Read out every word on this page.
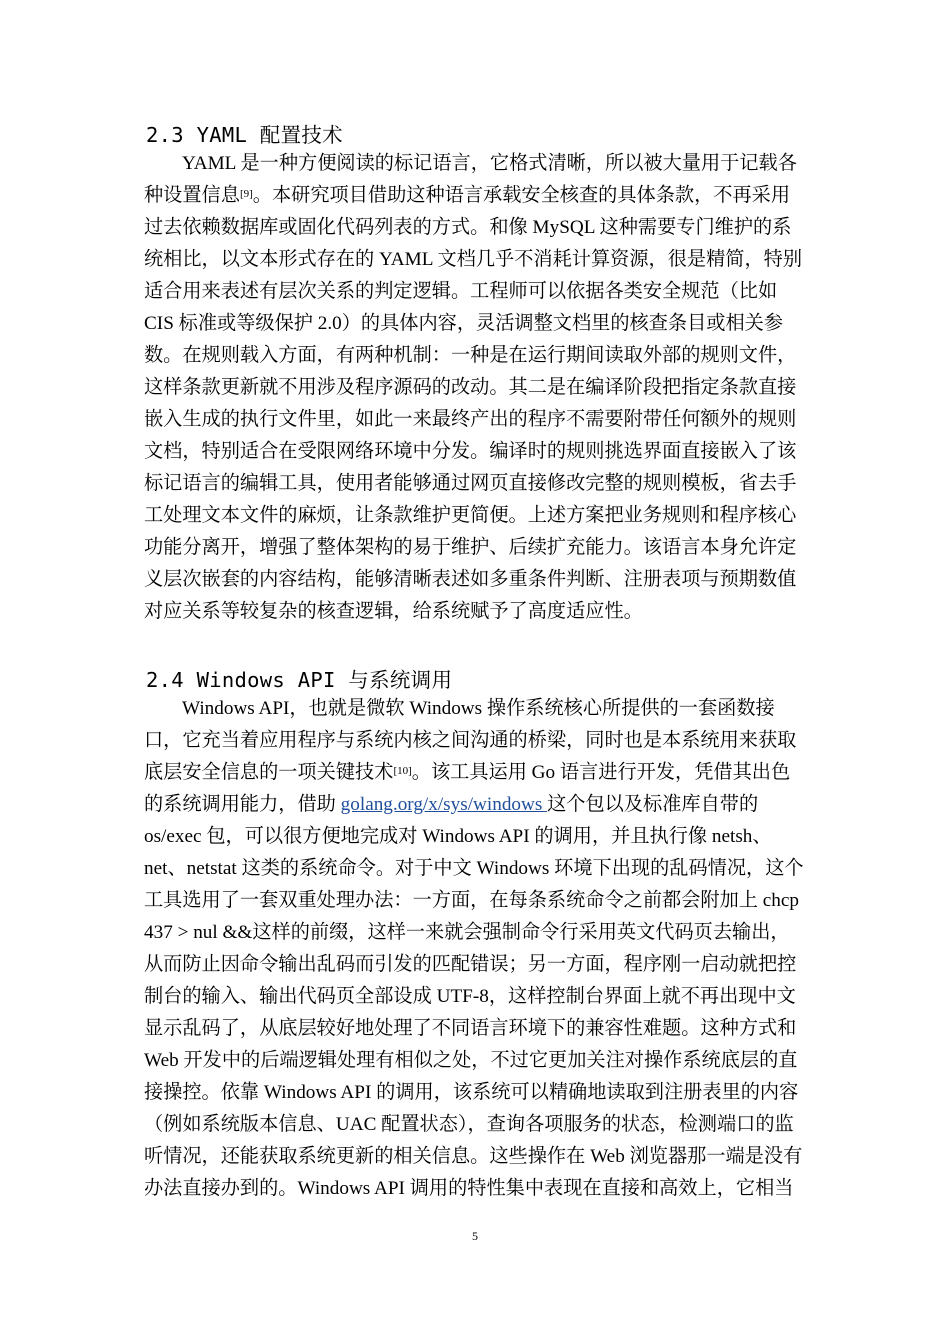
2.3 YAML 配置技术
YAML 是一种方便阅读的标记语言，它格式清晰，所以被大量用于记载各
种设置信息[9]。本研究项目借助这种语言承载安全核查的具体条款，不再采用
过去依赖数据库或固化代码列表的方式。和像 MySQL 这种需要专门维护的系
统相比，以文本形式存在的 YAML 文档几乎不消耗计算资源，很是精简，特别
适合用来表述有层次关系的判定逻辑。工程师可以依据各类安全规范（比如
CIS 标准或等级保护 2.0）的具体内容，灵活调整文档里的核查条目或相关参
数。在规则载入方面，有两种机制：一种是在运行期间读取外部的规则文件，
这样条款更新就不用涉及程序源码的改动。其二是在编译阶段把指定条款直接
嵌入生成的执行文件里，如此一来最终产出的程序不需要附带任何额外的规则
文档，特别适合在受限网络环境中分发。编译时的规则挑选界面直接嵌入了该
标记语言的编辑工具，使用者能够通过网页直接修改完整的规则模板，省去手
工处理文本文件的麻烦，让条款维护更简便。上述方案把业务规则和程序核心
功能分离开，增强了整体架构的易于维护、后续扩充能力。该语言本身允许定
义层次嵌套的内容结构，能够清晰表述如多重条件判断、注册表项与预期数值
对应关系等较复杂的核查逻辑，给系统赋予了高度适应性。
2.4 Windows API 与系统调用
Windows API，也就是微软 Windows 操作系统核心所提供的一套函数接
口，它充当着应用程序与系统内核之间沟通的桥梁，同时也是本系统用来获取
底层安全信息的一项关键技术[10]。该工具运用 Go 语言进行开发，凭借其出色
的系统调用能力，借助 golang.org/x/sys/windows 这个包以及标准库自带的
os/exec 包，可以很方便地完成对 Windows API 的调用，并且执行像 netsh、
net、netstat 这类的系统命令。对于中文 Windows 环境下出现的乱码情况，这个
工具选用了一套双重处理办法：一方面，在每条系统命令之前都会附加上 chcp
437 > nul &&这样的前缀，这样一来就会强制命令行采用英文代码页去输出，
从而防止因命令输出乱码而引发的匹配错误；另一方面，程序刚一启动就把控
制台的输入、输出代码页全部设成 UTF-8，这样控制台界面上就不再出现中文
显示乱码了，从底层较好地处理了不同语言环境下的兼容性难题。这种方式和
Web 开发中的后端逻辑处理有相似之处，不过它更加关注对操作系统底层的直
接操控。依靠 Windows API 的调用，该系统可以精确地读取到注册表里的内容
（例如系统版本信息、UAC 配置状态），查询各项服务的状态，检测端口的监
听情况，还能获取系统更新的相关信息。这些操作在 Web 浏览器那一端是没有
办法直接办到的。Windows API 调用的特性集中表现在直接和高效上，它相当
5
